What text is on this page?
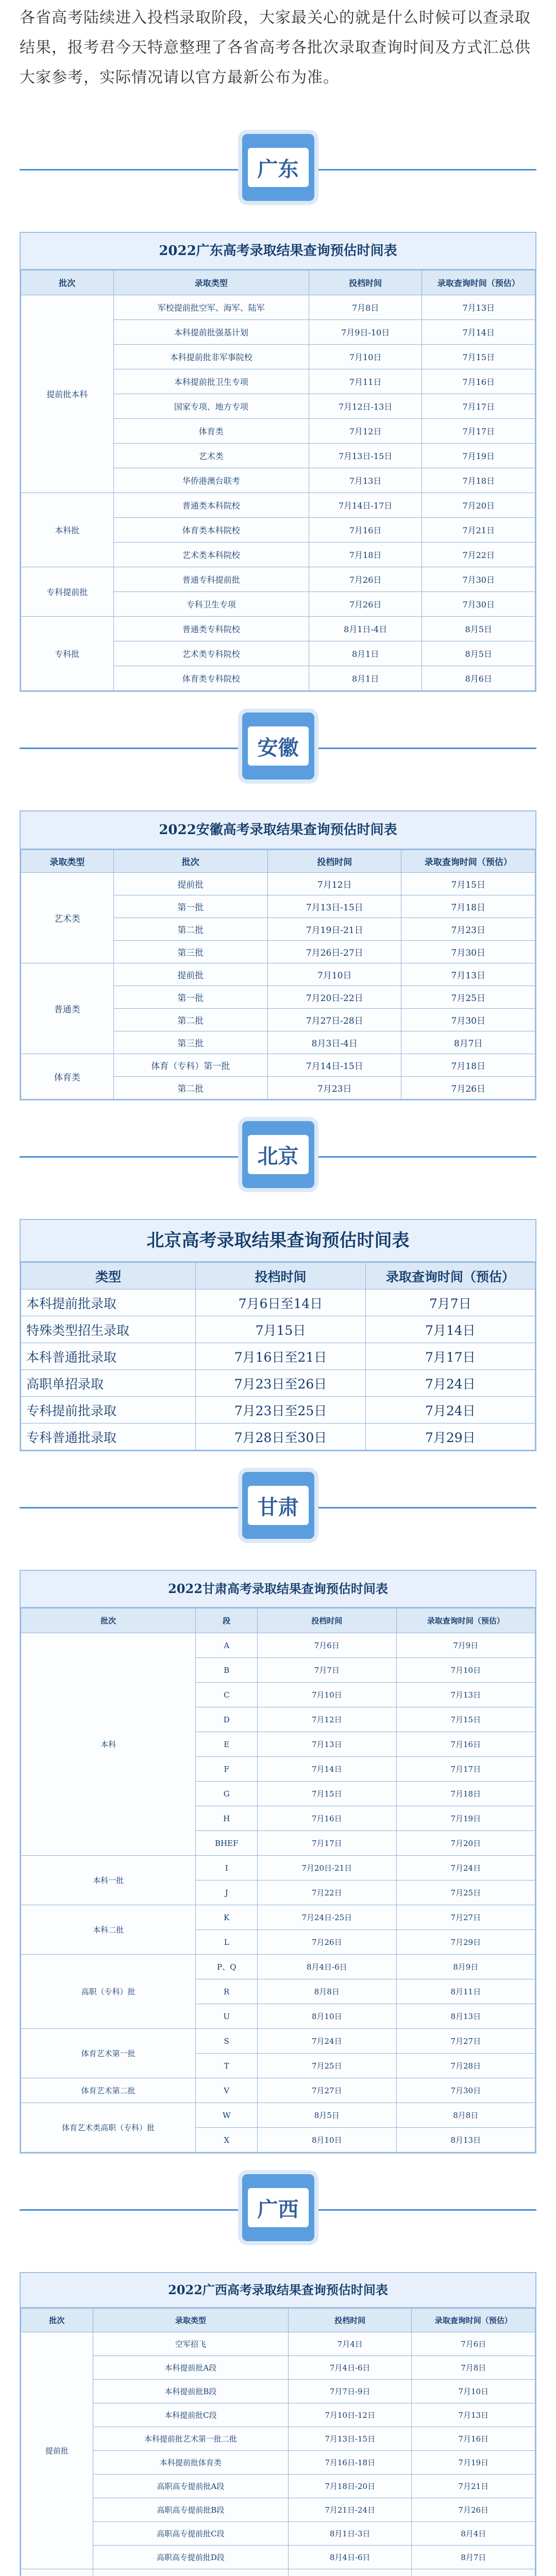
各省高考陆续进入投档录取阶段，大家最关心的就是什么时候可以查录取结果，报考君今天特意整理了各省高考各批次录取查询时间及方式汇总供大家参考，实际情况请以官方最新公布为准。
广东
2022广东高考录取结果查询预估时间表
批次	录取类型	投档时间	录取查询时间（预估）
提前批本科	军校提前批空军、海军、陆军	7月8日	7月13日
	本科提前批强基计划	7月9日-10日	7月14日
	本科提前批非军事院校	7月10日	7月15日
	本科提前批卫生专项	7月11日	7月16日
	国家专项、地方专项	7月12日-13日	7月17日
	体育类	7月12日	7月17日
	艺术类	7月13日-15日	7月19日
	华侨港澳台联考	7月13日	7月18日
本科批	普通类本科院校	7月14日-17日	7月20日
	体育类本科院校	7月16日	7月21日
	艺术类本科院校	7月18日	7月22日
专科提前批	普通专科提前批	7月26日	7月30日
	专科卫生专项	7月26日	7月30日
专科批	普通类专科院校	8月1日-4日	8月5日
	艺术类专科院校	8月1日	8月5日
	体育类专科院校	8月1日	8月6日
安徽
2022安徽高考录取结果查询预估时间表
录取类型	批次	投档时间	录取查询时间（预估）
艺术类	提前批	7月12日	7月15日
	第一批	7月13日-15日	7月18日
	第二批	7月19日-21日	7月23日
	第三批	7月26日-27日	7月30日
普通类	提前批	7月10日	7月13日
	第一批	7月20日-22日	7月25日
	第二批	7月27日-28日	7月30日
	第三批	8月3日-4日	8月7日
体育类	体育（专科）第一批	7月14日-15日	7月18日
	第二批	7月23日	7月26日
北京
北京高考录取结果查询预估时间表
类型	投档时间	录取查询时间（预估）
本科提前批录取	7月6日至14日	7月7日
特殊类型招生录取	7月15日	7月14日
本科普通批录取	7月16日至21日	7月17日
高职单招录取	7月23日至26日	7月24日
专科提前批录取	7月23日至25日	7月24日
专科普通批录取	7月28日至30日	7月29日
甘肃
2022甘肃高考录取结果查询预估时间表
批次	段	投档时间	录取查询时间（预估）
本科	A	7月6日	7月9日
	B	7月7日	7月10日
	C	7月10日	7月13日
	D	7月12日	7月15日
	E	7月13日	7月16日
	F	7月14日	7月17日
	G	7月15日	7月18日
	H	7月16日	7月19日
	BHEF	7月17日	7月20日
本科一批	I	7月20日-21日	7月24日
	J	7月22日	7月25日
本科二批	K	7月24日-25日	7月27日
	L	7月26日	7月29日
高职（专科）批	P、Q	8月4日-6日	8月9日
	R	8月8日	8月11日
	U	8月10日	8月13日
体育艺术第一批	S	7月24日	7月27日
	T	7月25日	7月28日
体育艺术第二批	V	7月27日	7月30日
体育艺术类高职（专科）批	W	8月5日	8月8日
	X	8月10日	8月13日
广西
2022广西高考录取结果查询预估时间表
批次	录取类型	投档时间	录取查询时间（预估）
提前批	空军招飞	7月4日	7月6日
	本科提前批A段	7月4日-6日	7月8日
	本科提前批B段	7月7日-9日	7月10日
	本科提前批C段	7月10日-12日	7月13日
	本科提前批艺术第一批二批	7月13日-15日	7月16日
	本科提前批体育类	7月16日-18日	7月19日
	高职高专提前批A段	7月18日-20日	7月21日
	高职高专提前批B段	7月21日-24日	7月26日
	高职高专提前批C段	8月1日-3日	8月4日
	高职高专提前批D段	8月4日-6日	8月7日
